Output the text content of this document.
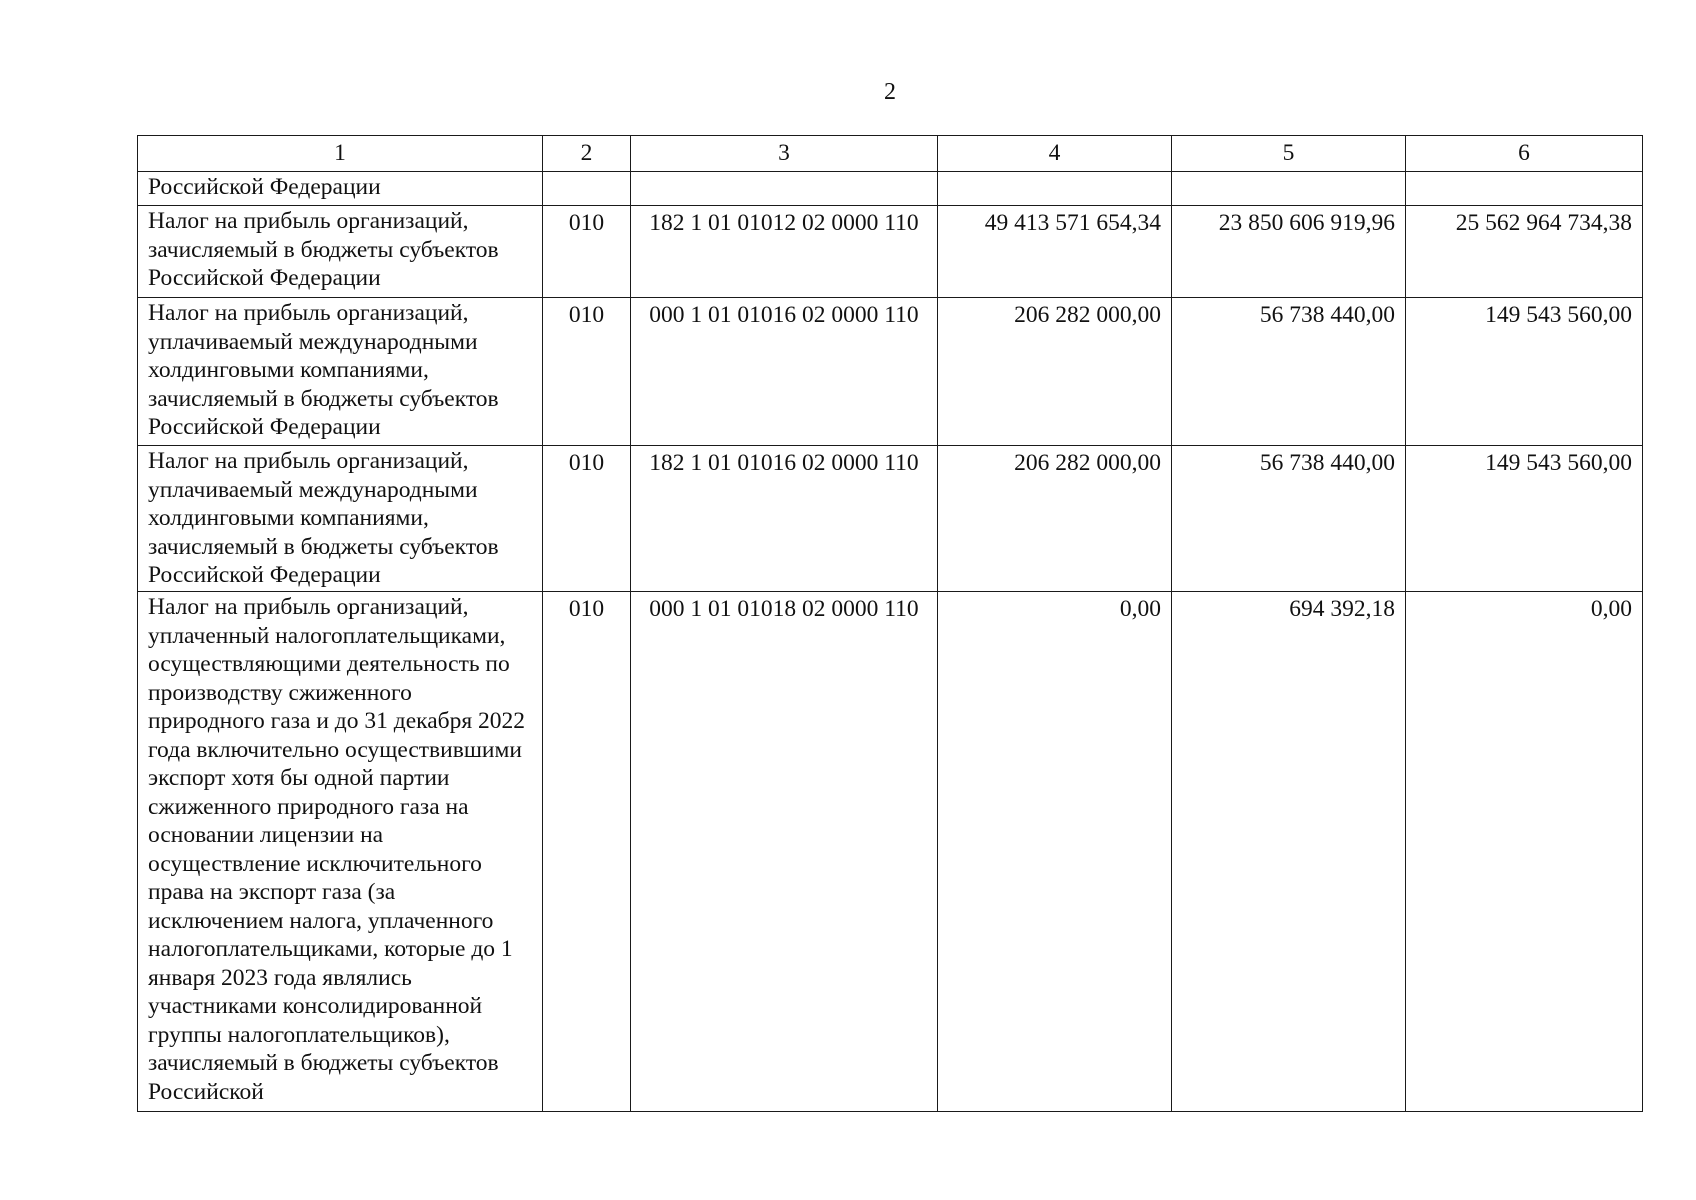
2
1	2	3	4	5	6
Российской Федерации					
Налог на прибыль организаций, зачисляемый в бюджеты субъектов Российской Федерации	010	182 1 01 01012 02 0000 110	49 413 571 654,34	23 850 606 919,96	25 562 964 734,38
Налог на прибыль организаций, уплачиваемый международными холдинговыми компаниями, зачисляемый в бюджеты субъектов Российской Федерации	010	000 1 01 01016 02 0000 110	206 282 000,00	56 738 440,00	149 543 560,00
Налог на прибыль организаций, уплачиваемый международными холдинговыми компаниями, зачисляемый в бюджеты субъектов Российской Федерации	010	182 1 01 01016 02 0000 110	206 282 000,00	56 738 440,00	149 543 560,00
Налог на прибыль организаций, уплаченный налогоплательщиками, осуществляющими деятельность по производству сжиженного природного газа и до 31 декабря 2022 года включительно осуществившими экспорт хотя бы одной партии сжиженного природного газа на основании лицензии на осуществление исключительного права на экспорт газа (за исключением налога, уплаченного налогоплательщиками, которые до 1 января 2023 года являлись участниками консолидированной группы налогоплательщиков), зачисляемый в бюджеты субъектов Российской	010	000 1 01 01018 02 0000 110	0,00	694 392,18	0,00
